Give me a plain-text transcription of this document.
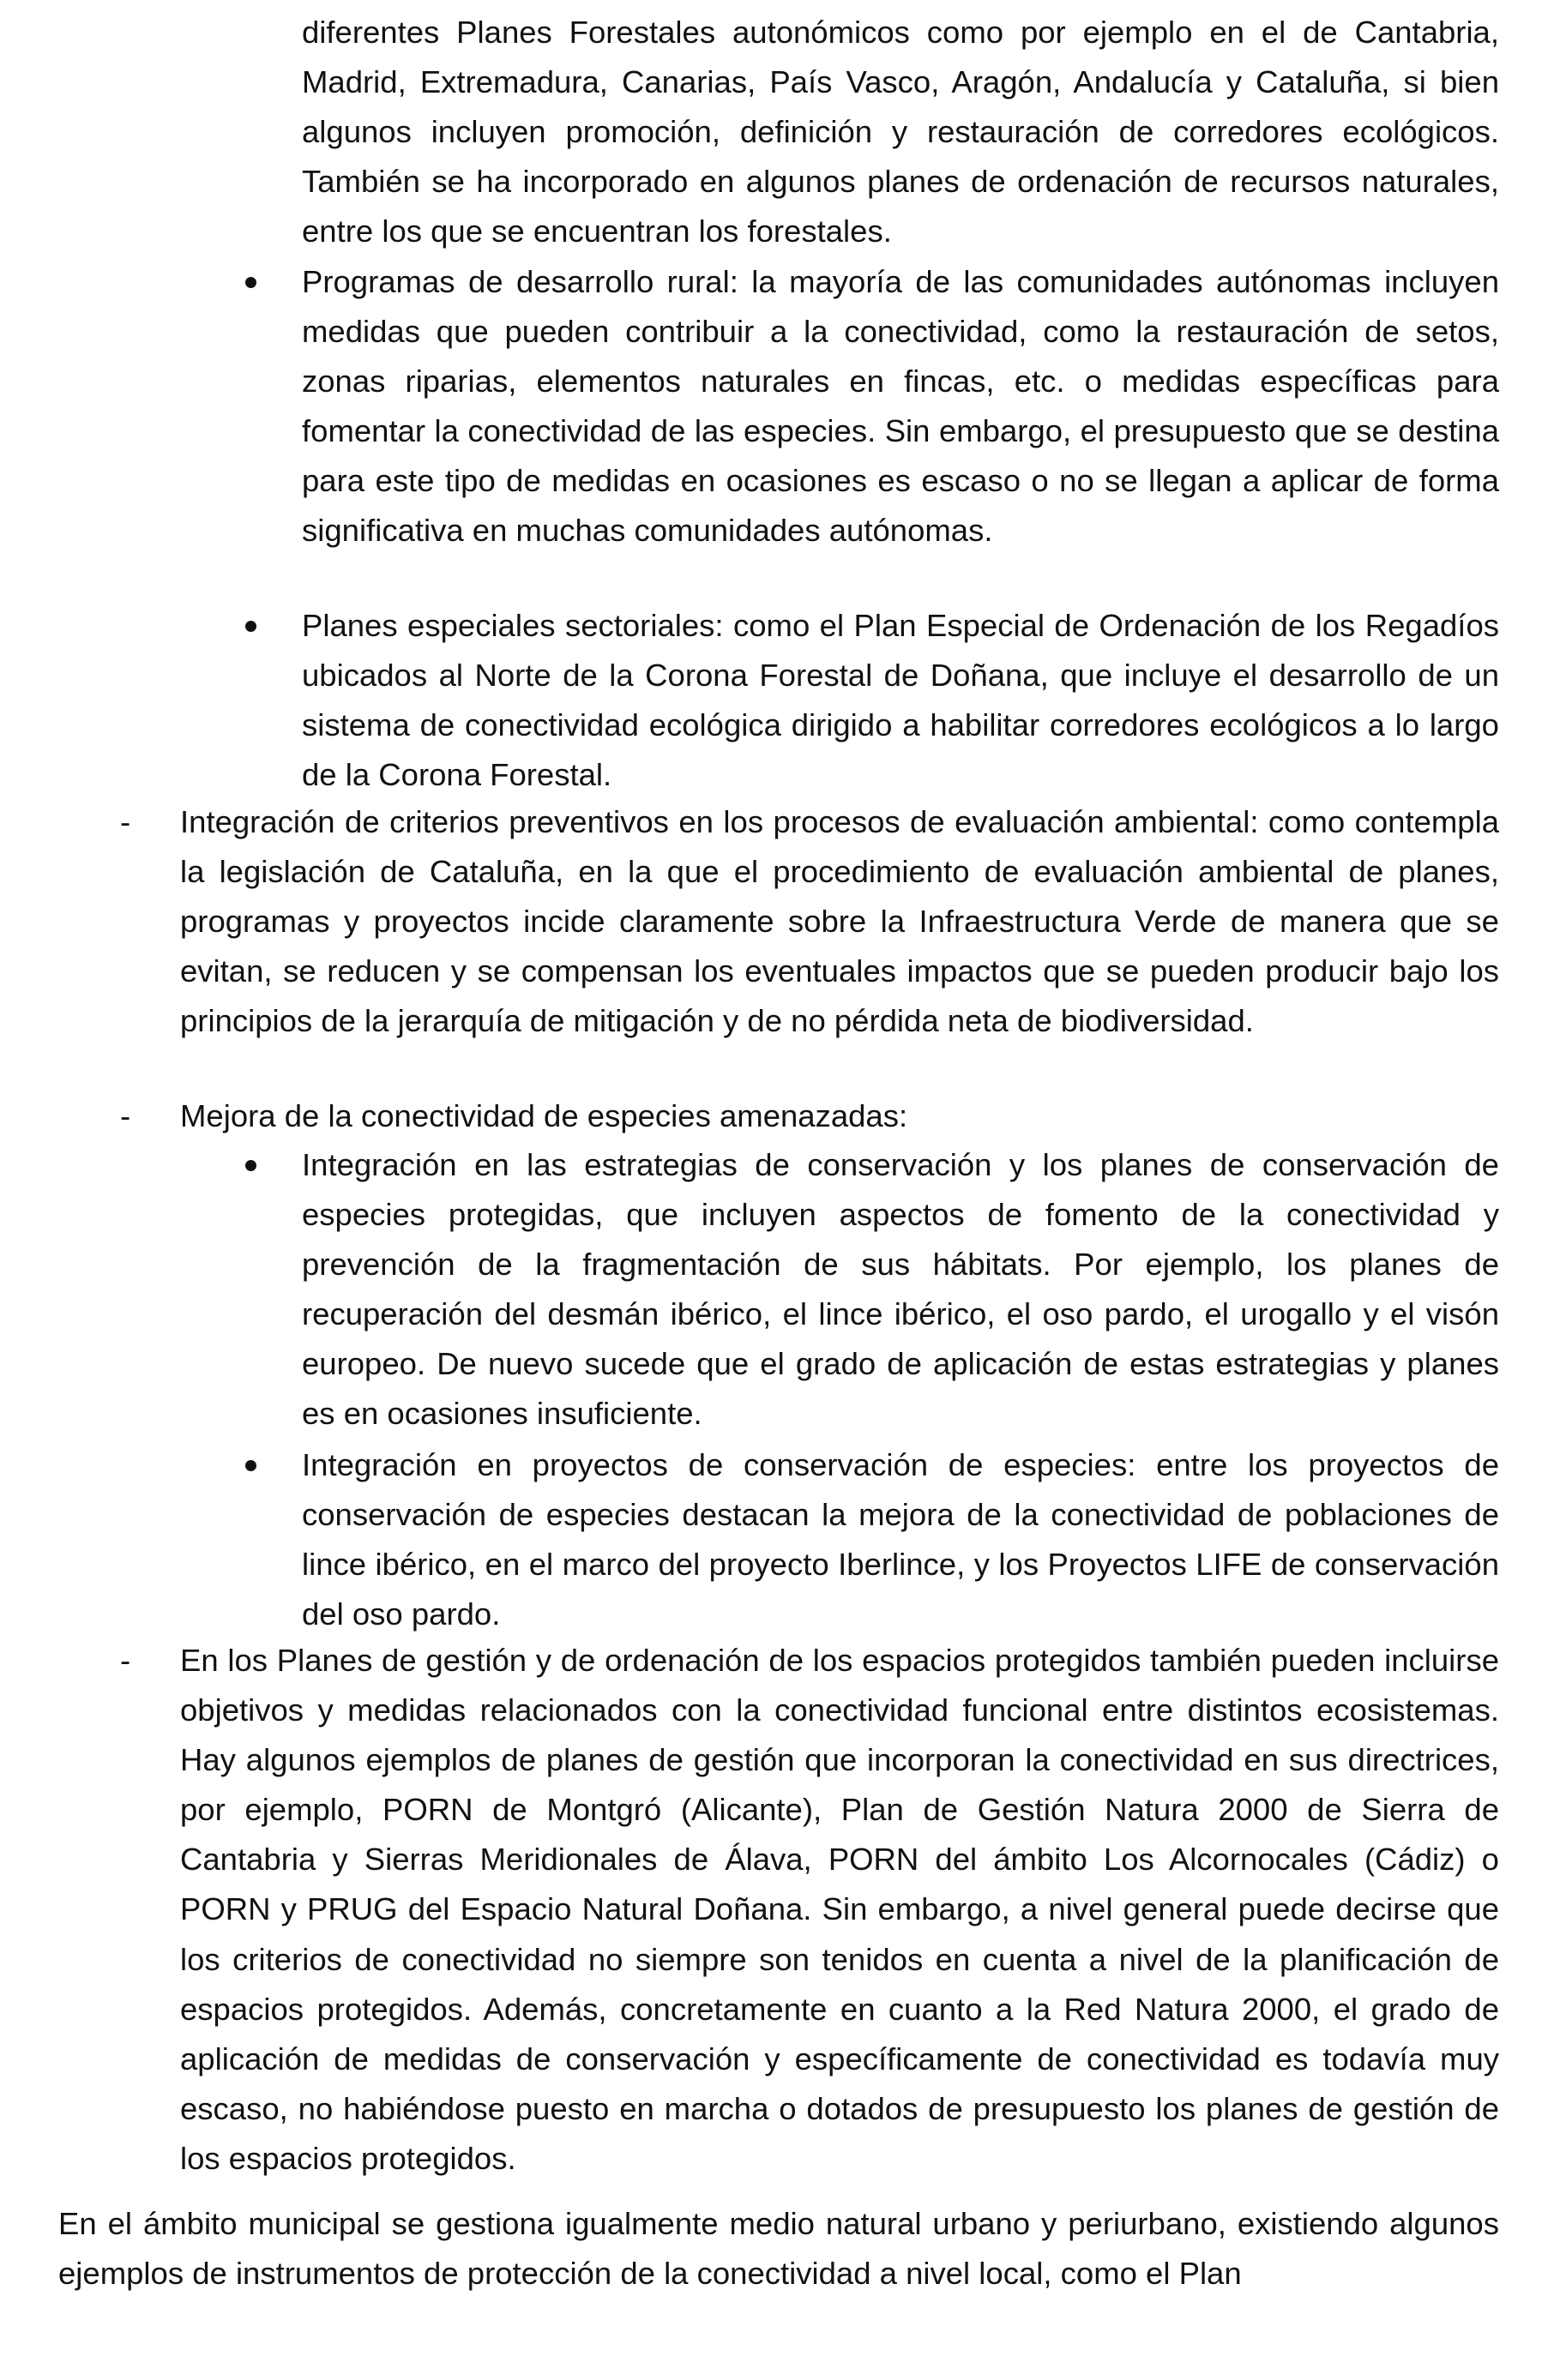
diferentes Planes Forestales autonómicos como por ejemplo en el de Cantabria, Madrid, Extremadura, Canarias, País Vasco, Aragón, Andalucía y Cataluña, si bien algunos incluyen promoción, definición y restauración de corredores ecológicos. También se ha incorporado en algunos planes de ordenación de recursos naturales, entre los que se encuentran los forestales.

Programas de desarrollo rural: la mayoría de las comunidades autónomas incluyen medidas que pueden contribuir a la conectividad, como la restauración de setos, zonas riparias, elementos naturales en fincas, etc. o medidas específicas para fomentar la conectividad de las especies. Sin embargo, el presupuesto que se destina para este tipo de medidas en ocasiones es escaso o no se llegan a aplicar de forma significativa en muchas comunidades autónomas.

Planes especiales sectoriales: como el Plan Especial de Ordenación de los Regadíos ubicados al Norte de la Corona Forestal de Doñana, que incluye el desarrollo de un sistema de conectividad ecológica dirigido a habilitar corredores ecológicos a lo largo de la Corona Forestal.

- Integración de criterios preventivos en los procesos de evaluación ambiental: como contempla la legislación de Cataluña, en la que el procedimiento de evaluación ambiental de planes, programas y proyectos incide claramente sobre la Infraestructura Verde de manera que se evitan, se reducen y se compensan los eventuales impactos que se pueden producir bajo los principios de la jerarquía de mitigación y de no pérdida neta de biodiversidad.

- Mejora de la conectividad de especies amenazadas:

Integración en las estrategias de conservación y los planes de conservación de especies protegidas, que incluyen aspectos de fomento de la conectividad y prevención de la fragmentación de sus hábitats. Por ejemplo, los planes de recuperación del desmán ibérico, el lince ibérico, el oso pardo, el urogallo y el visón europeo. De nuevo sucede que el grado de aplicación de estas estrategias y planes es en ocasiones insuficiente.

Integración en proyectos de conservación de especies: entre los proyectos de conservación de especies destacan la mejora de la conectividad de poblaciones de lince ibérico, en el marco del proyecto Iberlince, y los Proyectos LIFE de conservación del oso pardo.

- En los Planes de gestión y de ordenación de los espacios protegidos también pueden incluirse objetivos y medidas relacionados con la conectividad funcional entre distintos ecosistemas. Hay algunos ejemplos de planes de gestión que incorporan la conectividad en sus directrices, por ejemplo, PORN de Montgró (Alicante), Plan de Gestión Natura 2000 de Sierra de Cantabria y Sierras Meridionales de Álava, PORN del ámbito Los Alcornocales (Cádiz) o PORN y PRUG del Espacio Natural Doñana. Sin embargo, a nivel general puede decirse que los criterios de conectividad no siempre son tenidos en cuenta a nivel de la planificación de espacios protegidos. Además, concretamente en cuanto a la Red Natura 2000, el grado de aplicación de medidas de conservación y específicamente de conectividad es todavía muy escaso, no habiéndose puesto en marcha o dotados de presupuesto los planes de gestión de los espacios protegidos.

En el ámbito municipal se gestiona igualmente medio natural urbano y periurbano, existiendo algunos ejemplos de instrumentos de protección de la conectividad a nivel local, como el Plan
